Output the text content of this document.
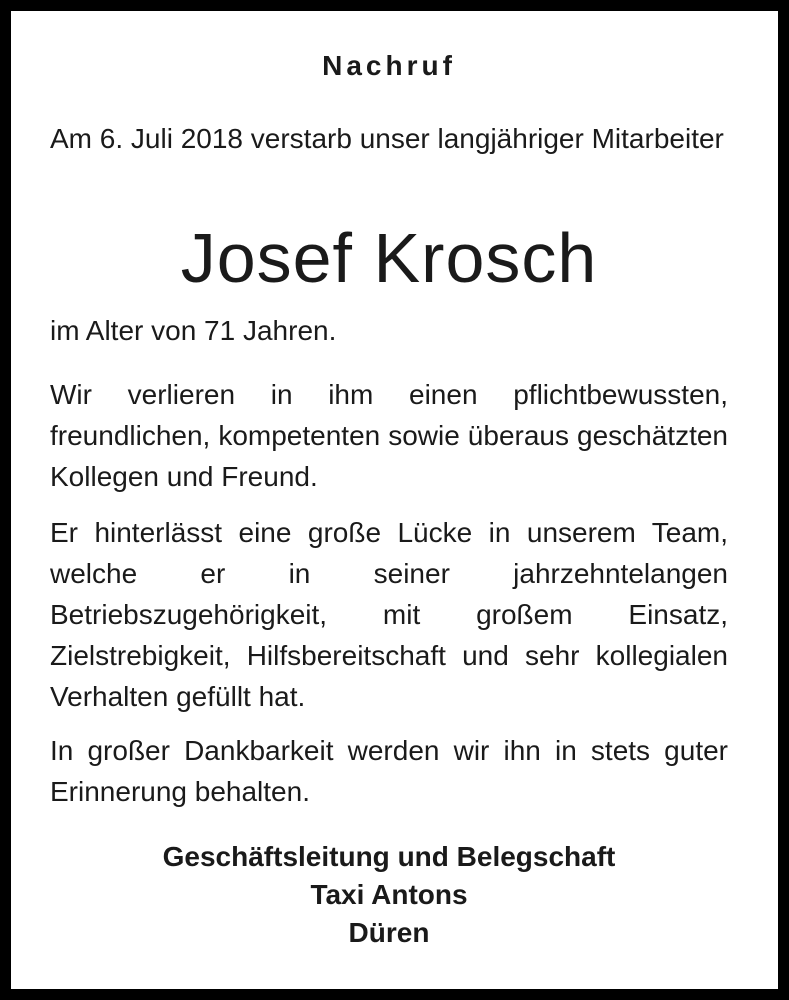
Nachruf
Am 6. Juli 2018 verstarb unser langjähriger Mitarbeiter
Josef Krosch
im Alter von 71 Jahren.
Wir verlieren in ihm einen pflichtbewussten, freundlichen, kompetenten sowie überaus geschätzten Kollegen und Freund.
Er hinterlässt eine große Lücke in unserem Team, welche er in seiner jahrzehntelangen Betriebszugehörigkeit, mit großem Einsatz, Zielstrebigkeit, Hilfsbereitschaft und sehr kollegialen Verhalten gefüllt hat.
In großer Dankbarkeit werden wir ihn in stets guter Erinnerung behalten.
Geschäftsleitung und Belegschaft
Taxi Antons
Düren
